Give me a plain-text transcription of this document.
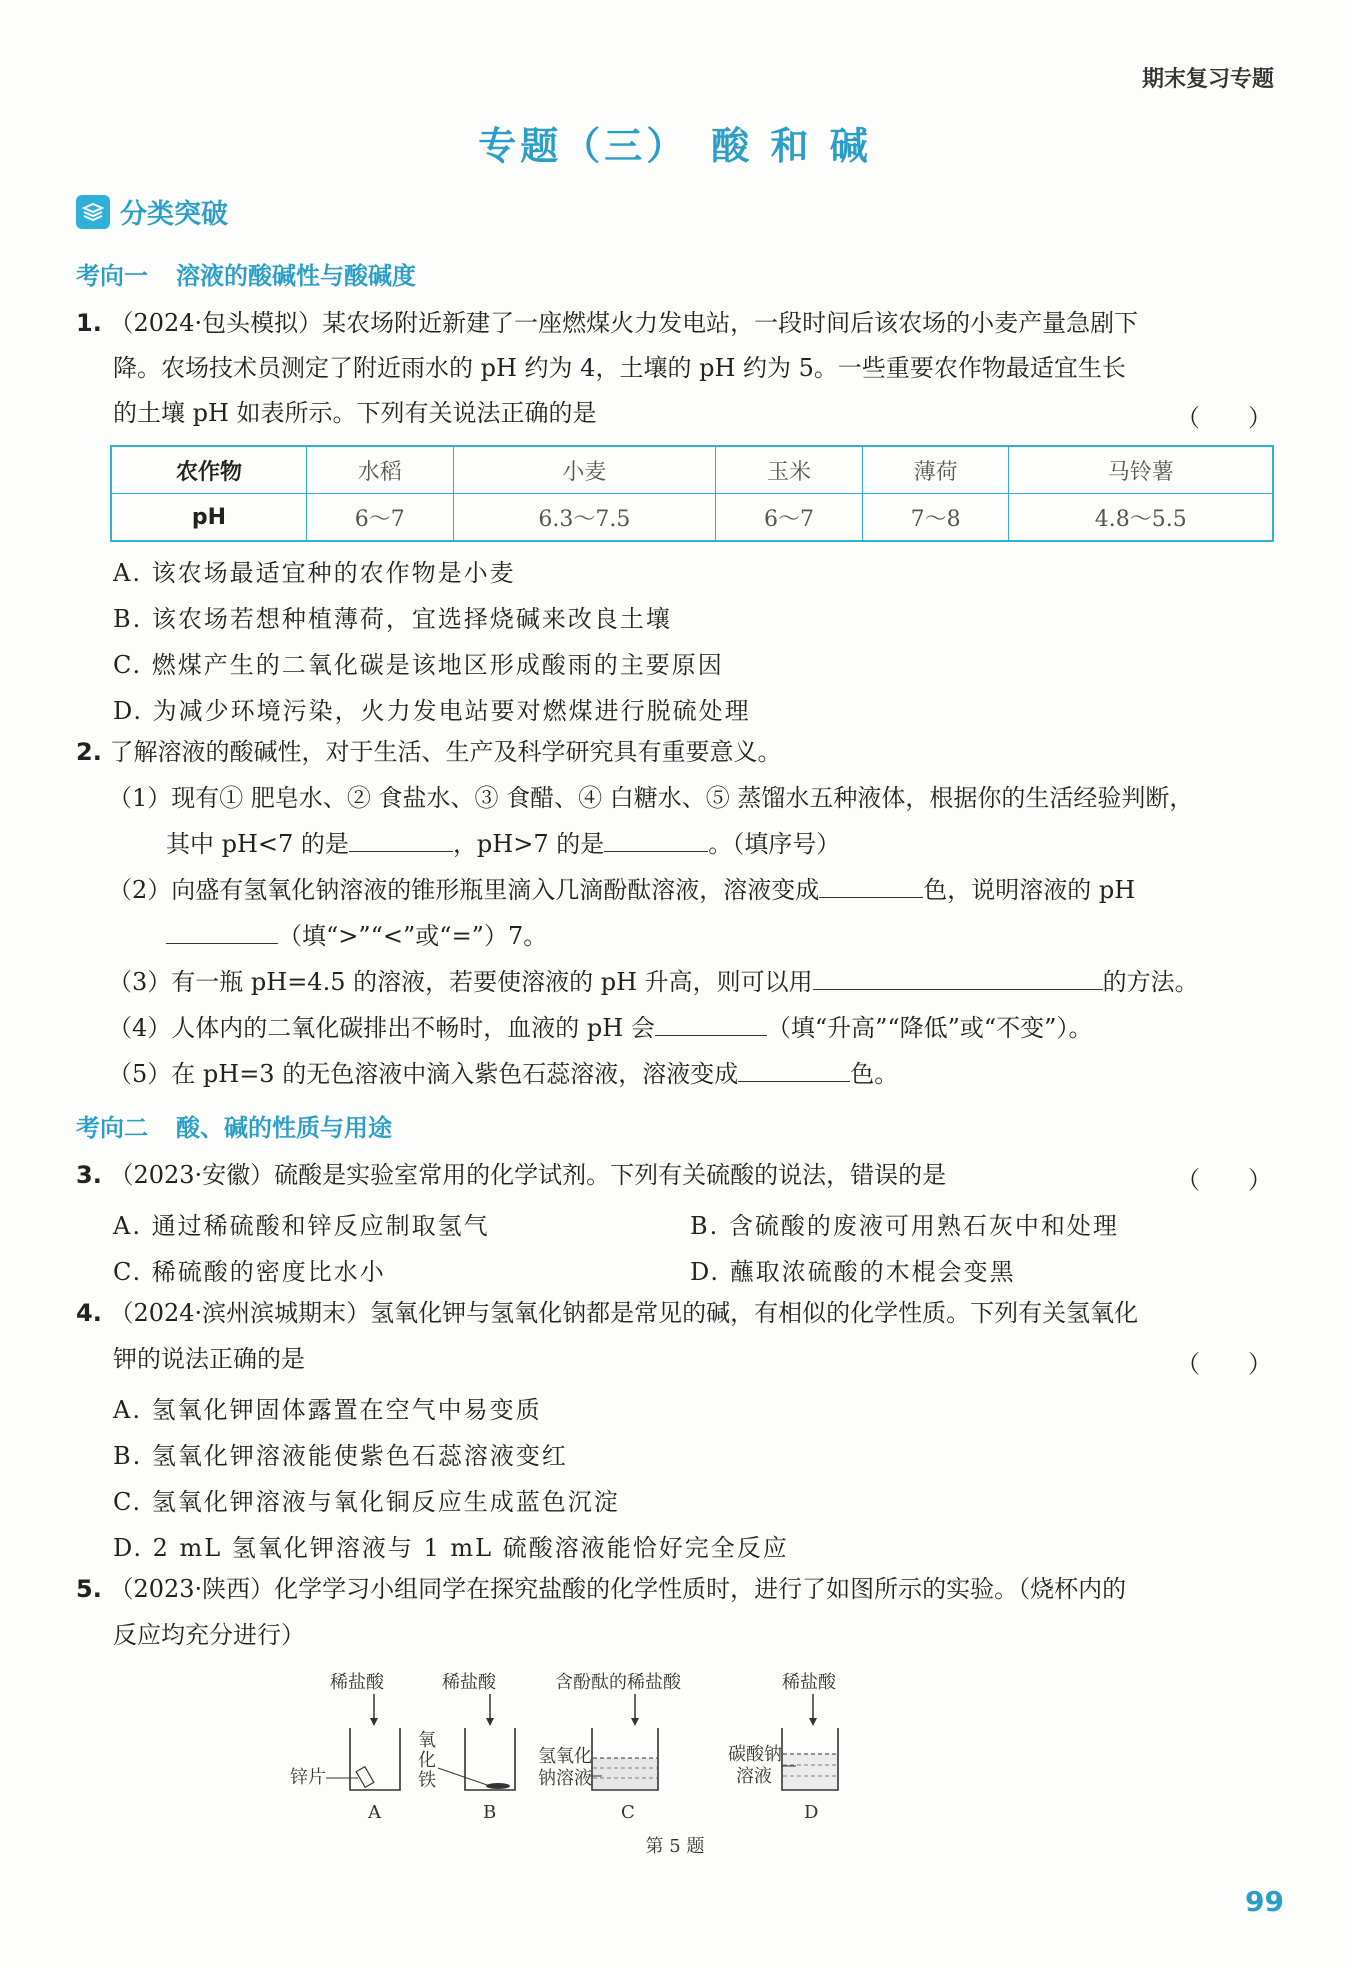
期末复习专题
专题（三）　酸 和 碱
分类突破
考向一 溶液的酸碱性与酸碱度
1. （2024·包头模拟）某农场附近新建了一座燃煤火力发电站，一段时间后该农场的小麦产量急剧下
降。农场技术员测定了附近雨水的 pH 约为 4，土壤的 pH 约为 5。一些重要农作物最适宜生长
的土壤 pH 如表所示。下列有关说法正确的是	（　　）
农作物	水稻	小麦	玉米	薄荷	马铃薯
pH	6～7	6.3～7.5	6～7	7～8	4.8～5.5
A. 该农场最适宜种的农作物是小麦
B. 该农场若想种植薄荷，宜选择烧碱来改良土壤
C. 燃煤产生的二氧化碳是该地区形成酸雨的主要原因
D. 为减少环境污染，火力发电站要对燃煤进行脱硫处理
2. 了解溶液的酸碱性，对于生活、生产及科学研究具有重要意义。
（1）现有① 肥皂水、② 食盐水、③ 食醋、④ 白糖水、⑤ 蒸馏水五种液体，根据你的生活经验判断，
其中 pH<7 的是	，pH>7 的是	。（填序号）
（2）向盛有氢氧化钠溶液的锥形瓶里滴入几滴酚酞溶液，溶液变成	色，说明溶液的 pH
（填“>”“<”或“=”）7。
（3）有一瓶 pH=4.5 的溶液，若要使溶液的 pH 升高，则可以用	的方法。
（4）人体内的二氧化碳排出不畅时，血液的 pH 会	（填“升高”“降低”或“不变”）。
（5）在 pH=3 的无色溶液中滴入紫色石蕊溶液，溶液变成	色。
考向二 酸、碱的性质与用途
3. （2023·安徽）硫酸是实验室常用的化学试剂。下列有关硫酸的说法，错误的是	（　　）
A. 通过稀硫酸和锌反应制取氢气	B. 含硫酸的废液可用熟石灰中和处理
C. 稀硫酸的密度比水小	D. 蘸取浓硫酸的木棍会变黑
4. （2024·滨州滨城期末）氢氧化钾与氢氧化钠都是常见的碱，有相似的化学性质。下列有关氢氧化
钾的说法正确的是	（　　）
A. 氢氧化钾固体露置在空气中易变质
B. 氢氧化钾溶液能使紫色石蕊溶液变红
C. 氢氧化钾溶液与氧化铜反应生成蓝色沉淀
D. 2 mL 氢氧化钾溶液与 1 mL 硫酸溶液能恰好完全反应
5. （2023·陕西）化学学习小组同学在探究盐酸的化学性质时，进行了如图所示的实验。（烧杯内的
反应均充分进行）
稀盐酸
锌片
A
稀盐酸
氧
化
铁
B
含酚酞的稀盐酸
氢氧化
钠溶液
C
稀盐酸
碳酸钠
溶液
D
第 5 题
99
